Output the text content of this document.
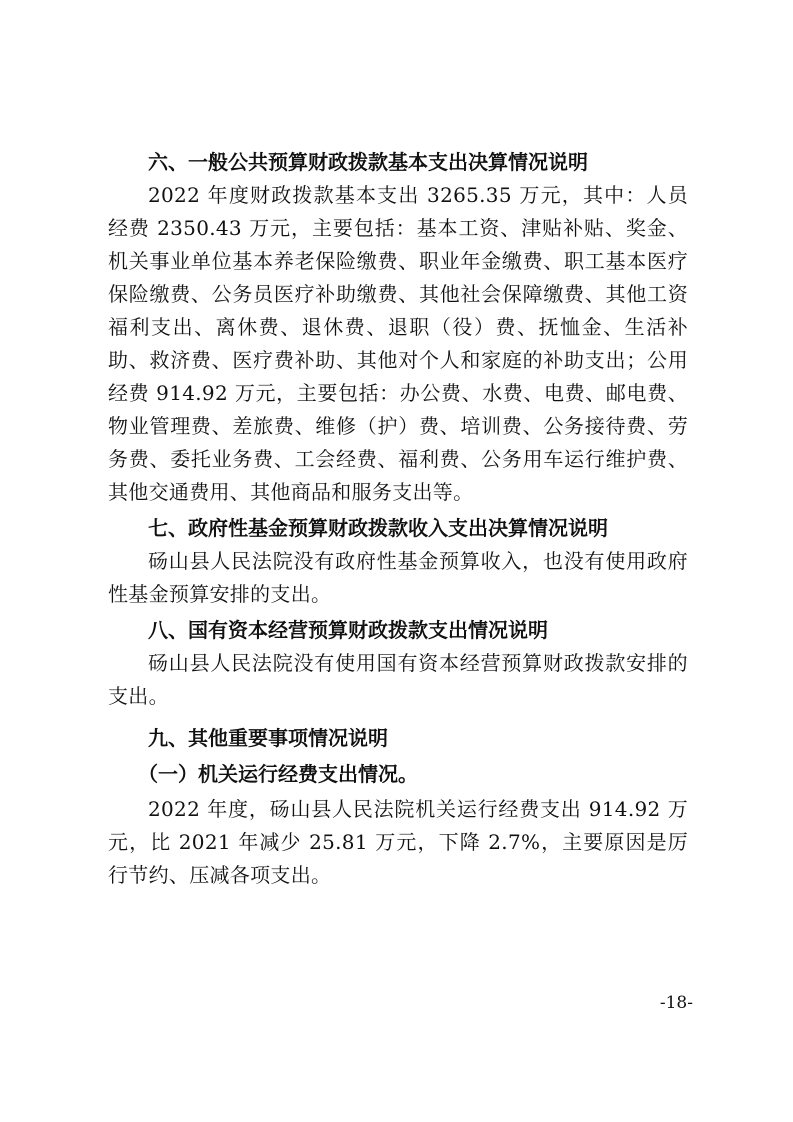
六、一般公共预算财政拨款基本支出决算情况说明

2022 年度财政拨款基本支出 3265.35 万元，其中：人员经费 2350.43 万元，主要包括：基本工资、津贴补贴、奖金、机关事业单位基本养老保险缴费、职业年金缴费、职工基本医疗保险缴费、公务员医疗补助缴费、其他社会保障缴费、其他工资福利支出、离休费、退休费、退职（役）费、抚恤金、生活补助、救济费、医疗费补助、其他对个人和家庭的补助支出；公用经费 914.92 万元，主要包括：办公费、水费、电费、邮电费、物业管理费、差旅费、维修（护）费、培训费、公务接待费、劳务费、委托业务费、工会经费、福利费、公务用车运行维护费、其他交通费用、其他商品和服务支出等。

七、政府性基金预算财政拨款收入支出决算情况说明

砀山县人民法院没有政府性基金预算收入，也没有使用政府性基金预算安排的支出。

八、国有资本经营预算财政拨款支出情况说明

砀山县人民法院没有使用国有资本经营预算财政拨款安排的支出。

九、其他重要事项情况说明
（一）机关运行经费支出情况。

2022 年度，砀山县人民法院机关运行经费支出 914.92 万元，比 2021 年减少 25.81 万元，下降 2.7%，主要原因是厉行节约、压减各项支出。

-18-
